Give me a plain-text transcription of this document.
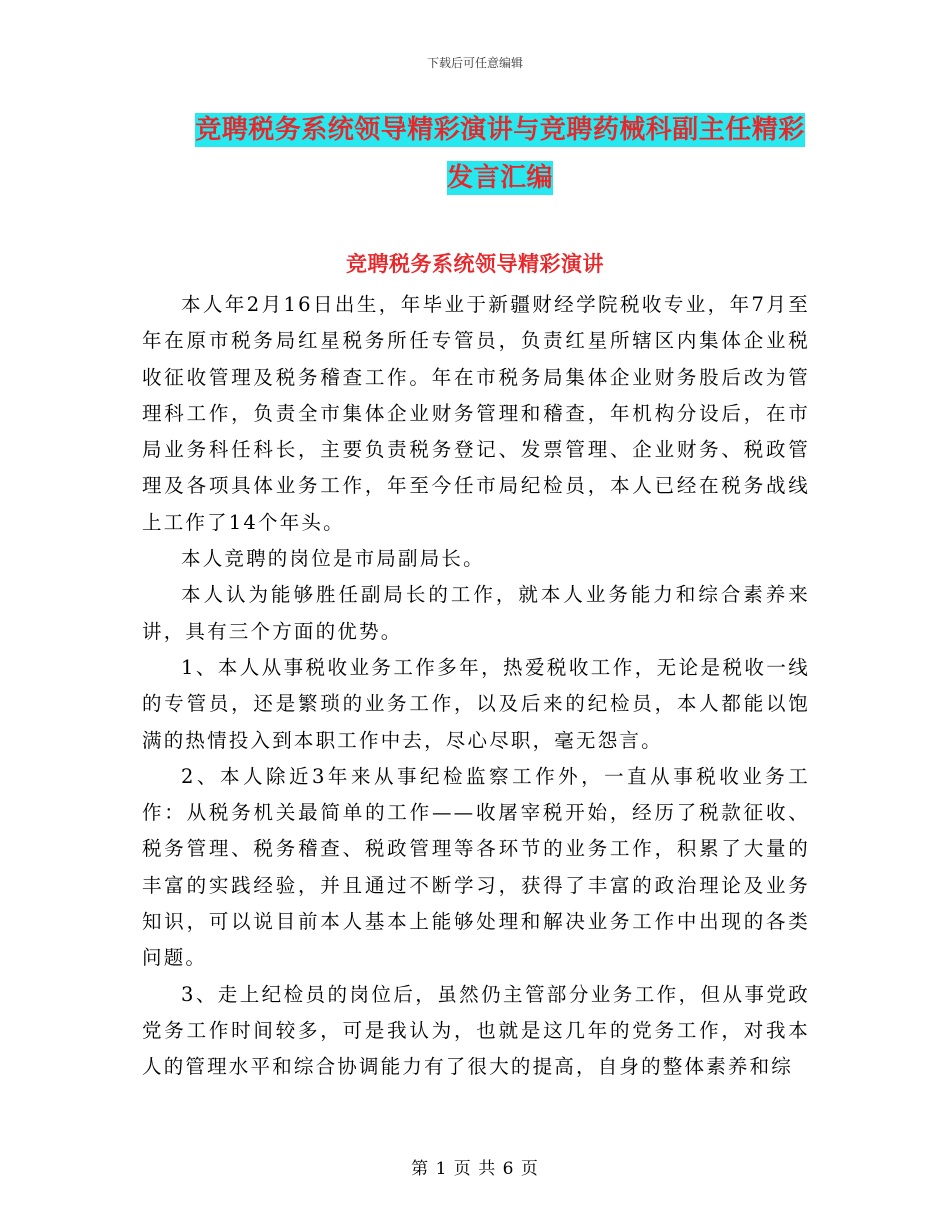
下载后可任意编辑
竞聘税务系统领导精彩演讲与竞聘药械科副主任精彩
发言汇编
竞聘税务系统领导精彩演讲

本人年2月16日出生，年毕业于新疆财经学院税收专业，年7月至年在原市税务局红星税务所任专管员，负责红星所辖区内集体企业税收征收管理及税务稽查工作。年在市税务局集体企业财务股后改为管理科工作，负责全市集体企业财务管理和稽查，年机构分设后，在市局业务科任科长，主要负责税务登记、发票管理、企业财务、税政管理及各项具体业务工作，年至今任市局纪检员，本人已经在税务战线上工作了14个年头。

本人竞聘的岗位是市局副局长。

本人认为能够胜任副局长的工作，就本人业务能力和综合素养来讲，具有三个方面的优势。

1、本人从事税收业务工作多年，热爱税收工作，无论是税收一线的专管员，还是繁琐的业务工作，以及后来的纪检员，本人都能以饱满的热情投入到本职工作中去，尽心尽职，毫无怨言。

2、本人除近3年来从事纪检监察工作外，一直从事税收业务工作：从税务机关最简单的工作——收屠宰税开始，经历了税款征收、税务管理、税务稽查、税政管理等各环节的业务工作，积累了大量的丰富的实践经验，并且通过不断学习，获得了丰富的政治理论及业务知识，可以说目前本人基本上能够处理和解决业务工作中出现的各类问题。

3、走上纪检员的岗位后，虽然仍主管部分业务工作，但从事党政党务工作时间较多，可是我认为，也就是这几年的党务工作，对我本人的管理水平和综合协调能力有了很大的提高，自身的整体素养和综

第 1 页 共 6 页
